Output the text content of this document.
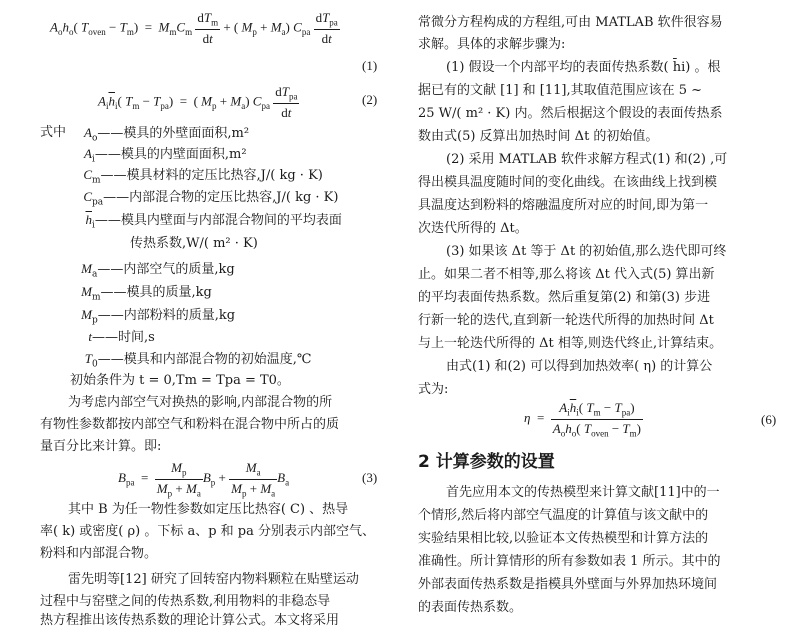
$A_oh_o$( $T_{oven} - T_m) = M_mC_m \frac{dT_m}{dt}$ + ( $M_p + M_a$) $C_{pa} \frac{dT_{pa}}{dt}$
(1)
$A_i\overline{h}_i$( $T_m - T_{pa}$)  =  ( $M_p + M_a$) $C_{pa} \frac{dT_{pa}}{dt}$	(2)
式中	$A_o——$模具的外壁面面积,m²
$A_i——$模具的内壁面面积,m²
$C_m——$模具材料的定压比热容,J/( kg · K)
$C_{pa}——$内部混合物的定压比热容,J/( kg · K)
$\overline{h}_i——$模具内壁面与内部混合物间的平均表面
传热系数,W/( m² · K)
$M_a——$内部空气的质量,kg
$M_m——$模具的质量,kg
$M_p——$内部粉料的质量,kg
t——时间,s
$T_0——$模具和内部混合物的初始温度,℃
初始条件为 t = 0,Tm = Tpa = T0。
为考虑内部空气对换热的影响,内部混合物的所
有物性参数都按内部空气和粉料在混合物中所占的质
量百分比来计算。即:
$B_{pa} = \frac{M_p}{M_p + M_a} B_p + \frac{M_a}{M_p + M_a} B_a$	(3)
其中 B 为任一物性参数如定压比热容( C) 、热导
率( k) 或密度( ρ) 。下标 a、p 和 pa 分别表示内部空气、
粉料和内部混合物。
雷先明等[12] 研究了回转窑内物料颗粒在贴壁运动
过程中与窑壁之间的传热系数,利用物料的非稳态导
热方程推出该传热系数的理论计算公式。本文将采用
常微分方程构成的方程组,可由 MATLAB 软件很容易
求解。具体的求解步骤为:
(1) 假设一个内部平均的表面传热系数( h̄i) 。根
据已有的文献 [1] 和 [11],其取值范围应该在 5 ~
25 W/( m² · K) 内。然后根据这个假设的表面传热系
数由式(5) 反算出加热时间 Δt 的初始值。
(2) 采用 MATLAB 软件求解方程式(1) 和(2) ,可
得出模具温度随时间的变化曲线。在该曲线上找到模
具温度达到粉料的熔融温度所对应的时间,即为第一
次迭代所得的 Δt。
(3) 如果该 Δt 等于 Δt 的初始值,那么迭代即可终
止。如果二者不相等,那么将该 Δt 代入式(5) 算出新
的平均表面传热系数。然后重复第(2) 和第(3) 步进
行新一轮的迭代,直到新一轮迭代所得的加热时间 Δt
与上一轮迭代所得的 Δt 相等,则迭代终止,计算结束。
由式(1) 和(2) 可以得到加热效率( η) 的计算公
式为:
$\eta = \frac{A_i\overline{h}_i( T_m - T_{pa})}{A_oh_o( T_{oven} - T_m)}$	(6)
2 计算参数的设置
首先应用本文的传热模型来计算文献[11]中的一
个情形,然后将内部空气温度的计算值与该文献中的
实验结果相比较,以验证本文传热模型和计算方法的
准确性。所计算情形的所有参数如表 1 所示。其中的
外部表面传热系数是指模具外壁面与外界加热环境间
的表面传热系数。
